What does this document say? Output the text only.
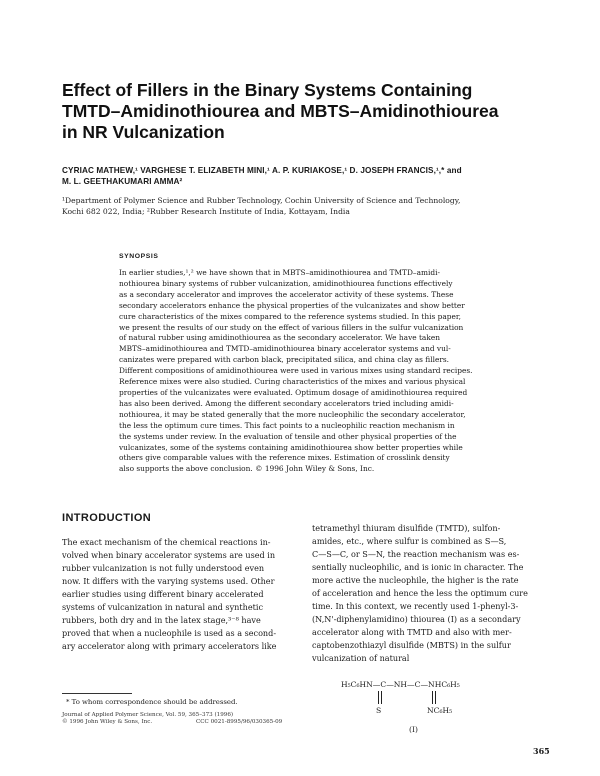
Effect of Fillers in the Binary Systems Containing
TMTD–Amidinothiourea and MBTS–Amidinothiourea
in NR Vulcanization
CYRIAC MATHEW,¹ VARGHESE T. ELIZABETH MINI,¹ A. P. KURIAKOSE,¹ D. JOSEPH FRANCIS,¹,* and
M. L. GEETHAKUMARI AMMA²
¹Department of Polymer Science and Rubber Technology, Cochin University of Science and Technology,
Kochi 682 022, India; ²Rubber Research Institute of India, Kottayam, India
SYNOPSIS
In earlier studies,¹,² we have shown that in MBTS–amidinothiourea and TMTD–amidi-
nothiourea binary systems of rubber vulcanization, amidinothiourea functions effectively
as a secondary accelerator and improves the accelerator activity of these systems. These
secondary accelerators enhance the physical properties of the vulcanizates and show better
cure characteristics of the mixes compared to the reference systems studied. In this paper,
we present the results of our study on the effect of various fillers in the sulfur vulcanization
of natural rubber using amidinothiourea as the secondary accelerator. We have taken
MBTS–amidinothiourea and TMTD–amidinothiourea binary accelerator systems and vul-
canizates were prepared with carbon black, precipitated silica, and china clay as fillers.
Different compositions of amidinothiourea were used in various mixes using standard recipes.
Reference mixes were also studied. Curing characteristics of the mixes and various physical
properties of the vulcanizates were evaluated. Optimum dosage of amidinothiourea required
has also been derived. Among the different secondary accelerators tried including amidi-
nothiourea, it may be stated generally that the more nucleophilic the secondary accelerator,
the less the optimum cure times. This fact points to a nucleophilic reaction mechanism in
the systems under review. In the evaluation of tensile and other physical properties of the
vulcanizates, some of the systems containing amidinothiourea show better properties while
others give comparable values with the reference mixes. Estimation of crosslink density
also supports the above conclusion. © 1996 John Wiley & Sons, Inc.
INTRODUCTION
The exact mechanism of the chemical reactions in-
volved when binary accelerator systems are used in
rubber vulcanization is not fully understood even
now. It differs with the varying systems used. Other
earlier studies using different binary accelerated
systems of vulcanization in natural and synthetic
rubbers, both dry and in the latex stage,³⁻⁸ have
proved that when a nucleophile is used as a second-
ary accelerator along with primary accelerators like
tetramethyl thiuram disulfide (TMTD), sulfon-
amides, etc., where sulfur is combined as S—S,
C—S—C, or S—N, the reaction mechanism was es-
sentially nucleophilic, and is ionic in character. The
more active the nucleophile, the higher is the rate
of acceleration and hence the less the optimum cure
time. In this context, we recently used 1-phenyl-3-
(N,N'-diphenylamidino) thiourea (I) as a secondary
accelerator along with TMTD and also with mer-
captobenzothiazyl disulfide (MBTS) in the sulfur
vulcanization of natural
H₅C₆HN—C—NH—C—NHC₆H₅
S	NC₆H₅
(I)
* To whom correspondence should be addressed.
Journal of Applied Polymer Science, Vol. 59, 365–373 (1996)
© 1996 John Wiley & Sons, Inc.	CCC 0021-8995/96/030365-09
365
